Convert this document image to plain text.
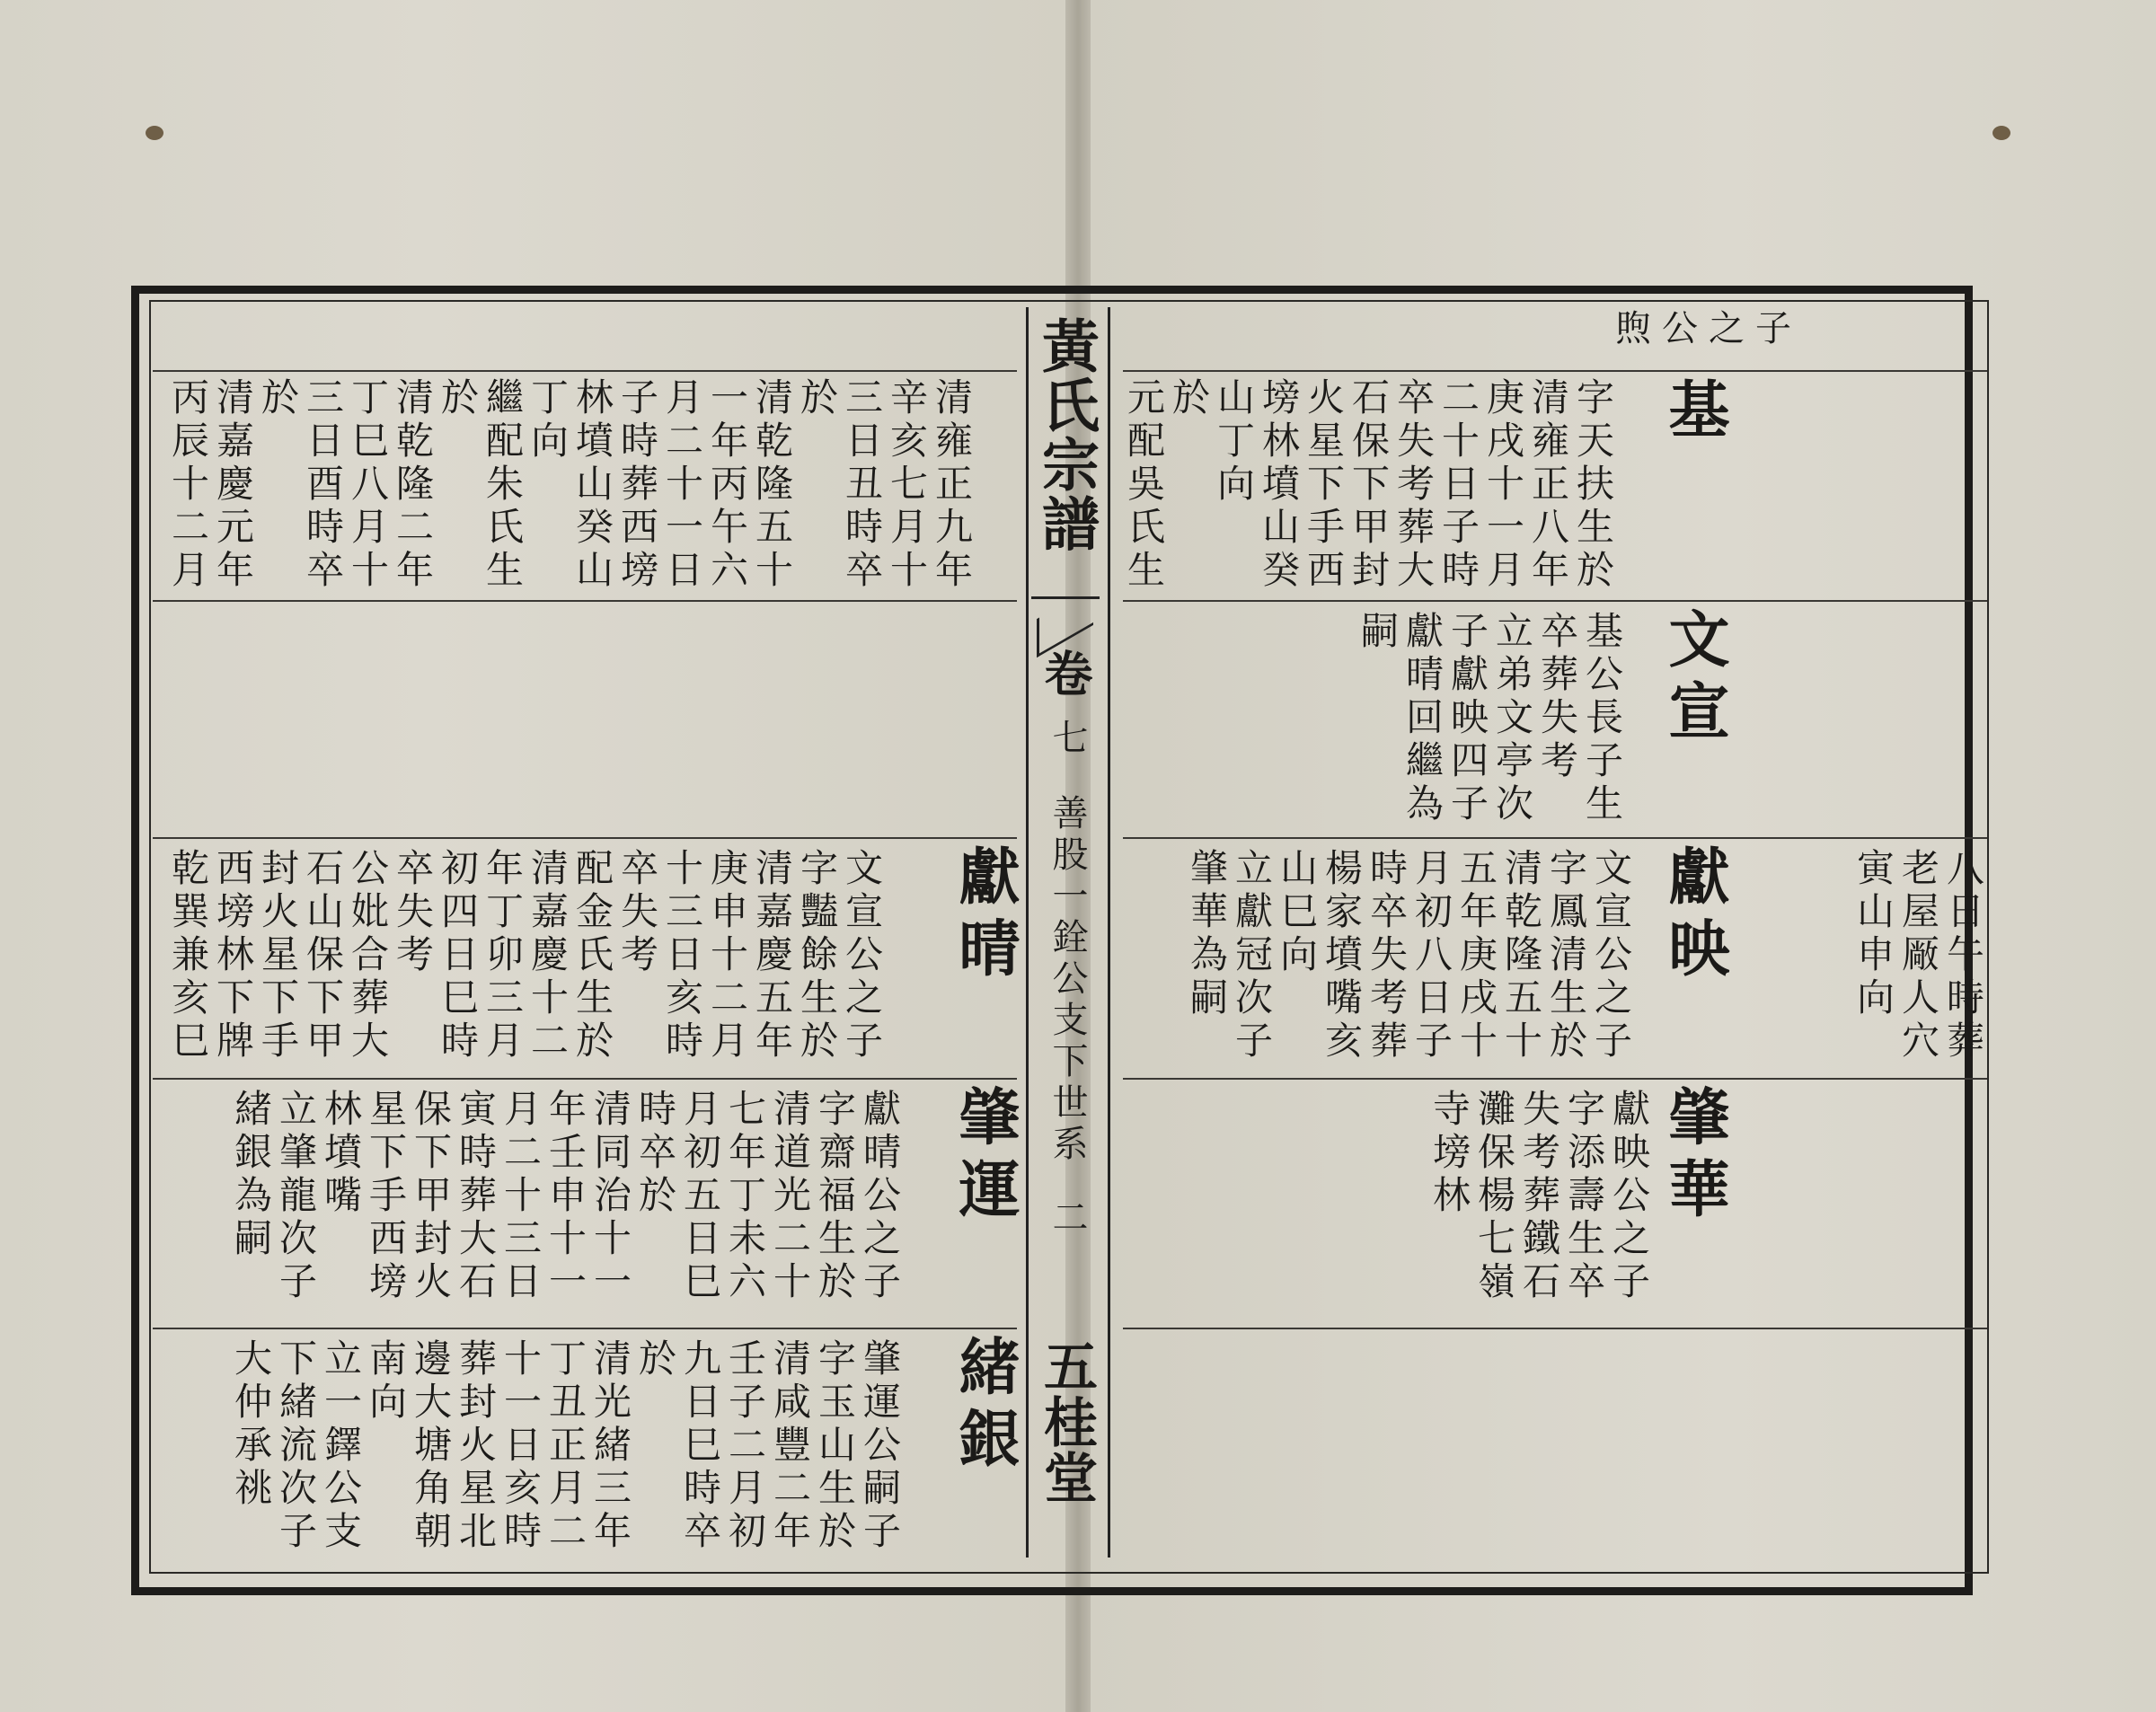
黃氏宗譜
卷
七
善股一銓公支下世系
二
五桂堂
煦公之子
基
字天扶生於
清雍正八年
庚戌十一月
二十日子時
卒失考葬大
石保下甲封
火星下手西
塝林墳山癸
山丁向
於
元配吳氏生
文宣
基公長子生
卒葬失考
立弟文亭次
子獻映四子
獻晴回繼為
嗣
獻映
文宣公之子
字鳳清生於
清乾隆五十
五年庚戌十
月初八日子
時卒失考葬
楊家墳嘴亥
山巳向
立獻冠次子
肇華為嗣
肇華
獻映公之子
字添壽生卒
失考葬鐵石
灘保楊七嶺
寺塝林
八日午時葬
老屋厰人穴
寅山申向
清雍正九年
辛亥七月十
三日丑時卒
於
清乾隆五十
一年丙午六
月二十一日
子時葬西塝
林墳山癸山
丁向
繼配朱氏生
於
清乾隆二年
丁巳八月十
三日酉時卒
於
清嘉慶元年
丙辰十二月
獻晴
文宣公之子
字豔餘生於
清嘉慶五年
庚申十二月
十三日亥時
卒失考
配金氏生於
清嘉慶十二
年丁卯三月
初四日巳時
卒失考
公妣合葬大
石山保下甲
封火星下手
西塝林下牌
乾巽兼亥巳
肇運
獻晴公之子
字齋福生於
清道光二十
七年丁未六
月初五日巳
時卒於
清同治十一
年壬申十一
月二十三日
寅時葬大石
保下甲封火
星下手西塝
林墳嘴
立肇龍次子
緒銀為嗣
緒銀
肇運公嗣子
字玉山生於
清咸豐二年
壬子二月初
九日巳時卒
於
清光緒三年
丁丑正月二
十一日亥時
葬封火星北
邊大塘角朝
南向
立一鐸公支
下緒流次子
大仲承祧
